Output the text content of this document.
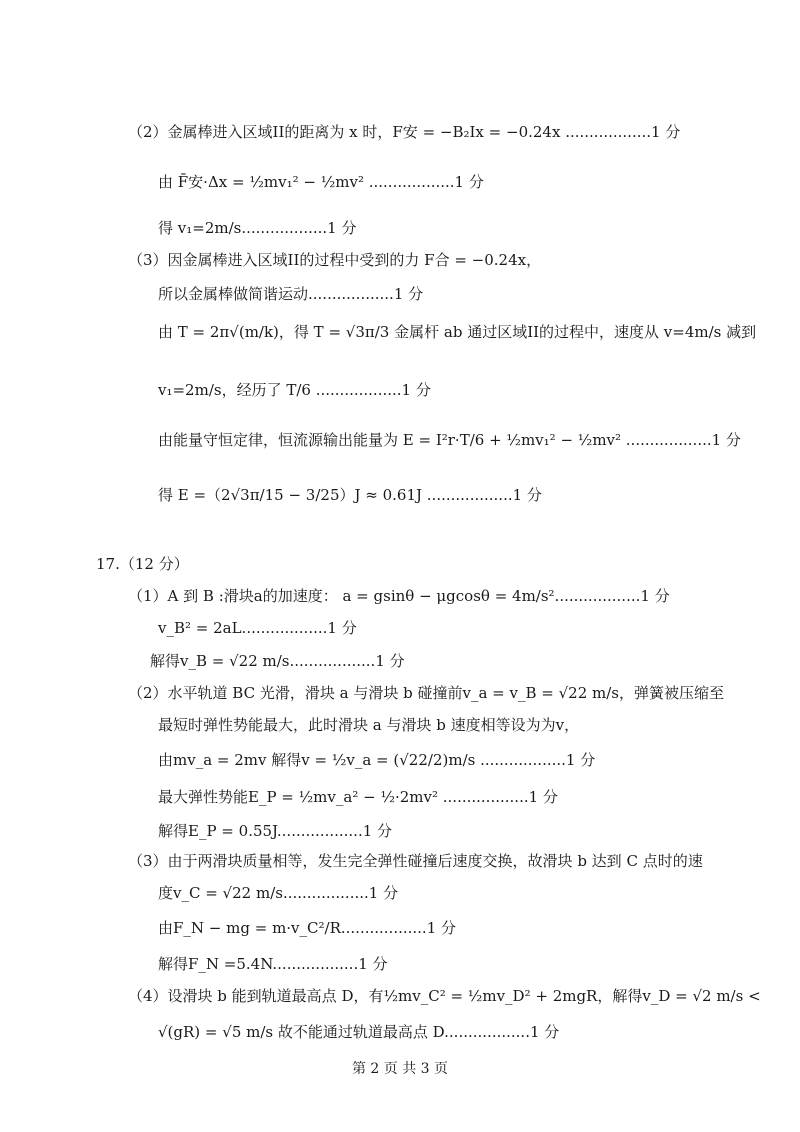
（2）金属棒进入区域II的距离为 x 时，F安 = −B₂Ix = −0.24x ..................1 分
由 F̄安·Δx = ½mv₁² − ½mv² ..................1 分
得 v₁=2m/s..................1 分
（3）因金属棒进入区域II的过程中受到的力 F合 = −0.24x，
所以金属棒做简谐运动..................1 分
由 T = 2π√(m/k)，得 T = √3π/3 金属杆 ab 通过区域II的过程中，速度从 v=4m/s 减到
v₁=2m/s，经历了 T/6 ..................1 分
由能量守恒定律，恒流源输出能量为 E = I²r·T/6 + ½mv₁² − ½mv² ..................1 分
得 E =（2√3π/15 − 3/25）J ≈ 0.61J ..................1 分
17.（12 分）
（1）A 到 B :滑块a的加速度： a = gsinθ − μgcosθ = 4m/s²..................1 分
v_B² = 2aL..................1 分
解得v_B = √22 m/s..................1 分
（2）水平轨道 BC 光滑，滑块 a 与滑块 b 碰撞前v_a = v_B = √22 m/s，弹簧被压缩至
最短时弹性势能最大，此时滑块 a 与滑块 b 速度相等设为为v，
由mv_a = 2mv 解得v = ½v_a = (√22/2)m/s ..................1 分
最大弹性势能E_P = ½mv_a² − ½·2mv² ..................1 分
解得E_P = 0.55J..................1 分
（3）由于两滑块质量相等，发生完全弹性碰撞后速度交换，故滑块 b 达到 C 点时的速
度v_C = √22 m/s..................1 分
由F_N − mg = m·v_C²/R..................1 分
解得F_N =5.4N..................1 分
（4）设滑块 b 能到轨道最高点 D，有½mv_C² = ½mv_D² + 2mgR，解得v_D = √2 m/s <
√(gR) = √5 m/s 故不能通过轨道最高点 D..................1 分
第 2 页 共 3 页
